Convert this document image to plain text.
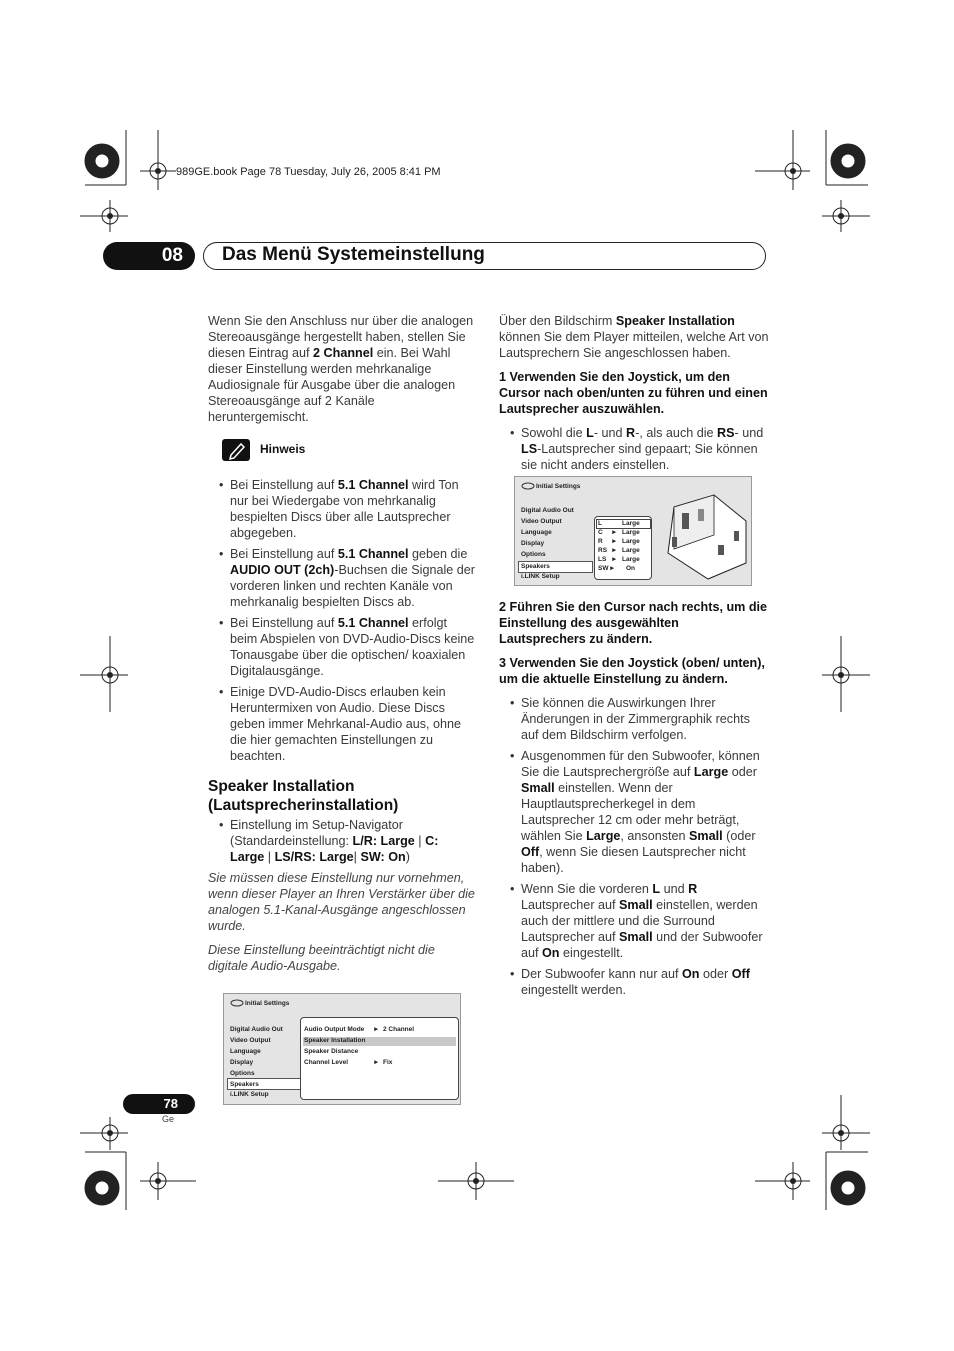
989GE.book Page 78 Tuesday, July 26, 2005 8:41 PM
08	Das Menü Systemeinstellung

Wenn Sie den Anschluss nur über die analogen Stereoausgänge hergestellt haben, stellen Sie diesen Eintrag auf 2 Channel ein. Bei Wahl dieser Einstellung werden mehrkanalige Audiosignale für Ausgabe über die analogen Stereoausgänge auf 2 Kanäle heruntergemischt.

Hinweis
• Bei Einstellung auf 5.1 Channel wird Ton nur bei Wiedergabe von mehrkanalig bespielten Discs über alle Lautsprecher abgegeben.
• Bei Einstellung auf 5.1 Channel geben die AUDIO OUT (2ch)-Buchsen die Signale der vorderen linken und rechten Kanäle von mehrkanalig bespielten Discs ab.
• Bei Einstellung auf 5.1 Channel erfolgt beim Abspielen von DVD-Audio-Discs keine Tonausgabe über die optischen/ koaxialen Digitalausgänge.
• Einige DVD-Audio-Discs erlauben kein Heruntermixen von Audio. Diese Discs geben immer Mehrkanal-Audio aus, ohne die hier gemachten Einstellungen zu beachten.
Speaker Installation
(Lautsprecherinstallation)
• Einstellung im Setup-Navigator (Standardeinstellung: L/R: Large | C: Large | LS/RS: Large| SW: On)

Sie müssen diese Einstellung nur vornehmen, wenn dieser Player an Ihren Verstärker über die analogen 5.1-Kanal-Ausgänge angeschlossen wurde.

Diese Einstellung beeinträchtigt nicht die digitale Audio-Ausgabe.

Initial Settings
Digital Audio Out
Video Output
Language
Display
Options
Speakers
i.LINK Setup
Audio Output Mode ► 2 Channel
Speaker Installation
Speaker Distance
Channel Level	► Fix

Über den Bildschirm Speaker Installation können Sie dem Player mitteilen, welche Art von Lautsprechern Sie angeschlossen haben.

1 Verwenden Sie den Joystick, um den Cursor nach oben/unten zu führen und einen Lautsprecher auszuwählen.

• Sowohl die L- und R-, als auch die RS- und LS-Lautsprecher sind gepaart; Sie können sie nicht anders einstellen.
Initial Settings
Digital Audio Out
Video Output
Language
Display
Options
Speakers
i.LINK Setup
L	Large
C ► Large
R ► Large
RS ► Large
LS ► Large
SW ► On

2 Führen Sie den Cursor nach rechts, um die Einstellung des ausgewählten Lautsprechers zu ändern.

3 Verwenden Sie den Joystick (oben/ unten), um die aktuelle Einstellung zu ändern.

• Sie können die Auswirkungen Ihrer Änderungen in der Zimmergraphik rechts auf dem Bildschirm verfolgen.
• Ausgenommen für den Subwoofer, können Sie die Lautsprechergröße auf Large oder Small einstellen. Wenn der Hauptlautsprecherkegel in dem Lautsprecher 12 cm oder mehr beträgt, wählen Sie Large, ansonsten Small (oder Off, wenn Sie diesen Lautsprecher nicht haben).
• Wenn Sie die vorderen L und R Lautsprecher auf Small einstellen, werden auch der mittlere und die Surround Lautsprecher auf Small und der Subwoofer auf On eingestellt.
• Der Subwoofer kann nur auf On oder Off eingestellt werden.
78
Ge
